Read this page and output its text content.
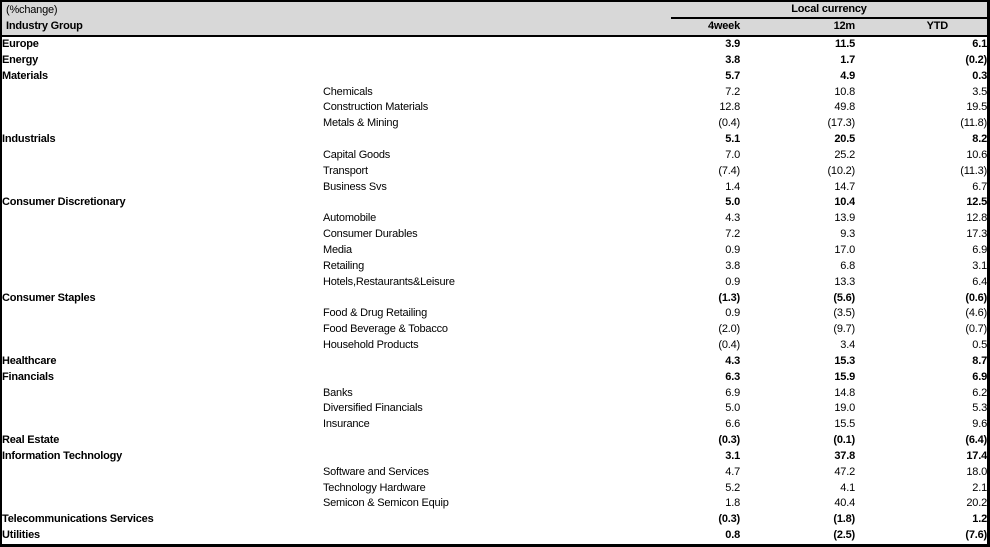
(%change)	Local currency
Industry Group	4week	12m	YTD
Europe		3.9	11.5	6.1
Energy		3.8	1.7	(0.2)
Materials		5.7	4.9	0.3
	Chemicals	7.2	10.8	3.5
	Construction Materials	12.8	49.8	19.5
	Metals & Mining	(0.4)	(17.3)	(11.8)
Industrials		5.1	20.5	8.2
	Capital Goods	7.0	25.2	10.6
	Transport	(7.4)	(10.2)	(11.3)
	Business Svs	1.4	14.7	6.7
Consumer Discretionary		5.0	10.4	12.5
	Automobile	4.3	13.9	12.8
	Consumer Durables	7.2	9.3	17.3
	Media	0.9	17.0	6.9
	Retailing	3.8	6.8	3.1
	Hotels,Restaurants&Leisure	0.9	13.3	6.4
Consumer Staples		(1.3)	(5.6)	(0.6)
	Food & Drug Retailing	0.9	(3.5)	(4.6)
	Food Beverage & Tobacco	(2.0)	(9.7)	(0.7)
	Household Products	(0.4)	3.4	0.5
Healthcare		4.3	15.3	8.7
Financials		6.3	15.9	6.9
	Banks	6.9	14.8	6.2
	Diversified Financials	5.0	19.0	5.3
	Insurance	6.6	15.5	9.6
Real Estate		(0.3)	(0.1)	(6.4)
Information Technology		3.1	37.8	17.4
	Software and Services	4.7	47.2	18.0
	Technology Hardware	5.2	4.1	2.1
	Semicon & Semicon Equip	1.8	40.4	20.2
Telecommunications Services		(0.3)	(1.8)	1.2
Utilities		0.8	(2.5)	(7.6)
